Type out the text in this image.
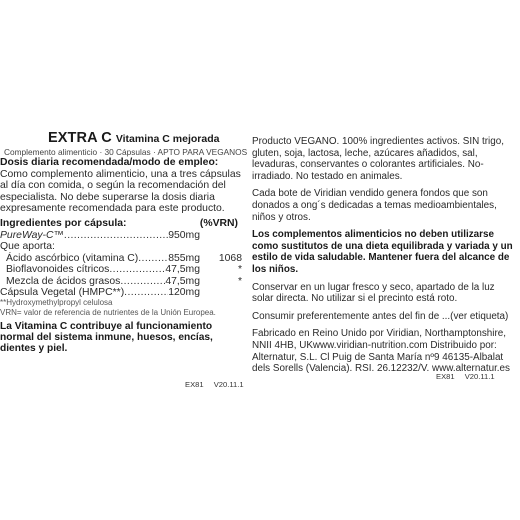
EXTRA C Vitamina C mejorada
Complemento alimenticio · 30 Cápsulas · APTO PARA VEGANOS
Dosis diaria recomendada/modo de empleo: Como complemento alimenticio, una a tres cápsulas al día con comida, o según la recomendación del especialista. No debe superarse la dosis diaria expresamente recomendada para este producto.
Ingredientes por cápsula:	(%VRN)
PureWay-C™ .....	950mg
Que aporta:
Ácido ascórbico (vitamina C) .....	855mg	1068
Bioflavonoides cítricos .....	47,5mg	*
Mezcla de ácidos grasos .....	47,5mg	*
Cápsula Vegetal (HMPC**) .....	120mg
**Hydroxymethylpropyl celulosa
VRN= valor de referencia de nutrientes de la Unión Europea.
La Vitamina C contribuye al funcionamiento normal del sistema inmune, huesos, encías, dientes y piel.
EX81 V20.11.1
Producto VEGANO. 100% ingredientes activos. SIN trigo, gluten, soja, lactosa, leche, azúcares añadidos, sal, levaduras, conservantes o colorantes artificiales. No-irradiado. No testado en animales.
Cada bote de Viridian vendido genera fondos que son donados a ong´s dedicadas a temas medioambientales, niños y otros.
Los complementos alimenticios no deben utilizarse como sustitutos de una dieta equilibrada y variada y un estilo de vida saludable. Mantener fuera del alcance de los niños.
Conservar en un lugar fresco y seco, apartado de la luz solar directa. No utilizar si el precinto está roto.
Consumir preferentemente antes del fin de ...(ver etiqueta)
Fabricado en Reino Unido por Viridian, Northamptonshire, NNII 4HB, UKwww.viridian-nutrition.com Distribuido por: Alternatur, S.L. Cl Puig de Santa María nº9 46135-Albalat dels Sorells (Valencia). RSI. 26.12232/V. www.alternatur.es
EX81 V20.11.1
